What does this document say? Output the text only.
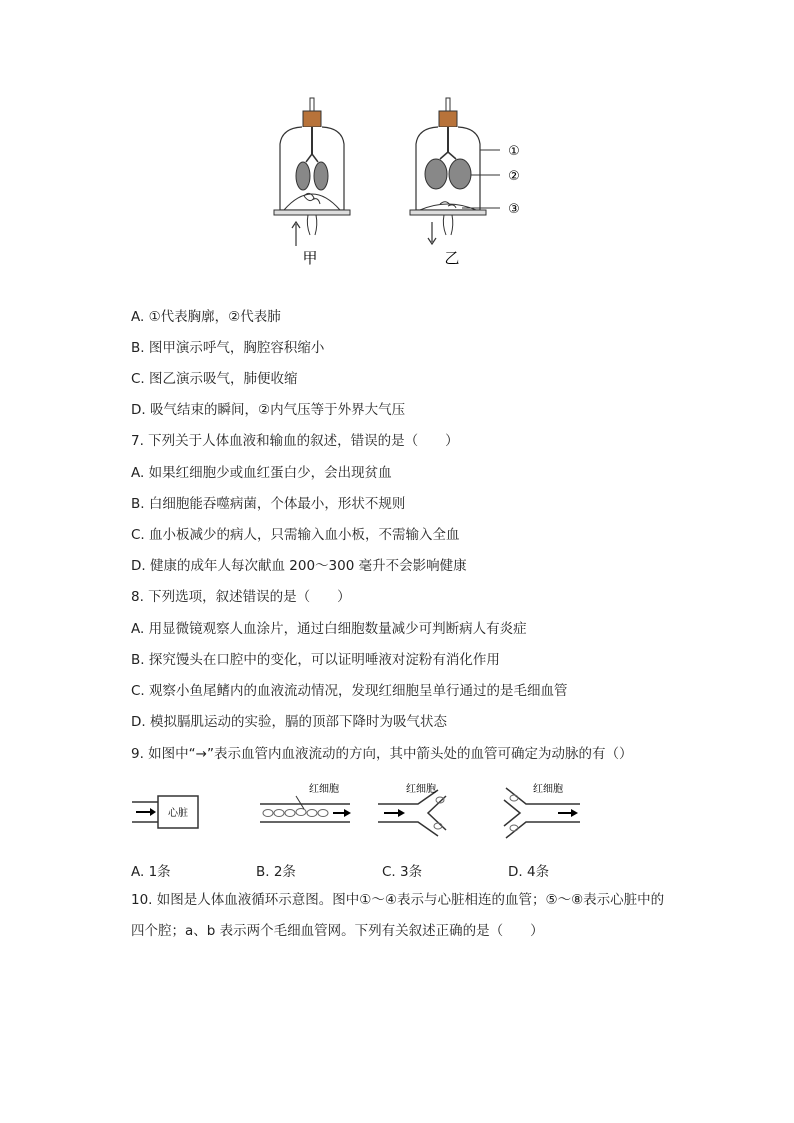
甲	乙
①
②
③
A. ①代表胸廓，②代表肺
B. 图甲演示呼气，胸腔容积缩小
C. 图乙演示吸气，肺便收缩
D. 吸气结束的瞬间，②内气压等于外界大气压
7. 下列关于人体血液和输血的叙述，错误的是（　　）
A. 如果红细胞少或血红蛋白少，会出现贫血
B. 白细胞能吞噬病菌，个体最小，形状不规则
C. 血小板减少的病人，只需输入血小板，不需输入全血
D. 健康的成年人每次献血 200～300 毫升不会影响健康
8. 下列选项，叙述错误的是（　　）
A. 用显微镜观察人血涂片，通过白细胞数量减少可判断病人有炎症
B. 探究馒头在口腔中的变化，可以证明唾液对淀粉有消化作用
C. 观察小鱼尾鳍内的血液流动情况，发现红细胞呈单行通过的是毛细血管
D. 模拟膈肌运动的实验，膈的顶部下降时为吸气状态
9. 如图中“→”表示血管内血液流动的方向，其中箭头处的血管可确定为动脉的有（）
心脏
红细胞	红细胞	红细胞
A. 1条	B. 2条	C. 3条	D. 4条
10. 如图是人体血液循环示意图。图中①～④表示与心脏相连的血管；⑤～⑧表示心脏中的
四个腔；a、b 表示两个毛细血管网。下列有关叙述正确的是（　　）
